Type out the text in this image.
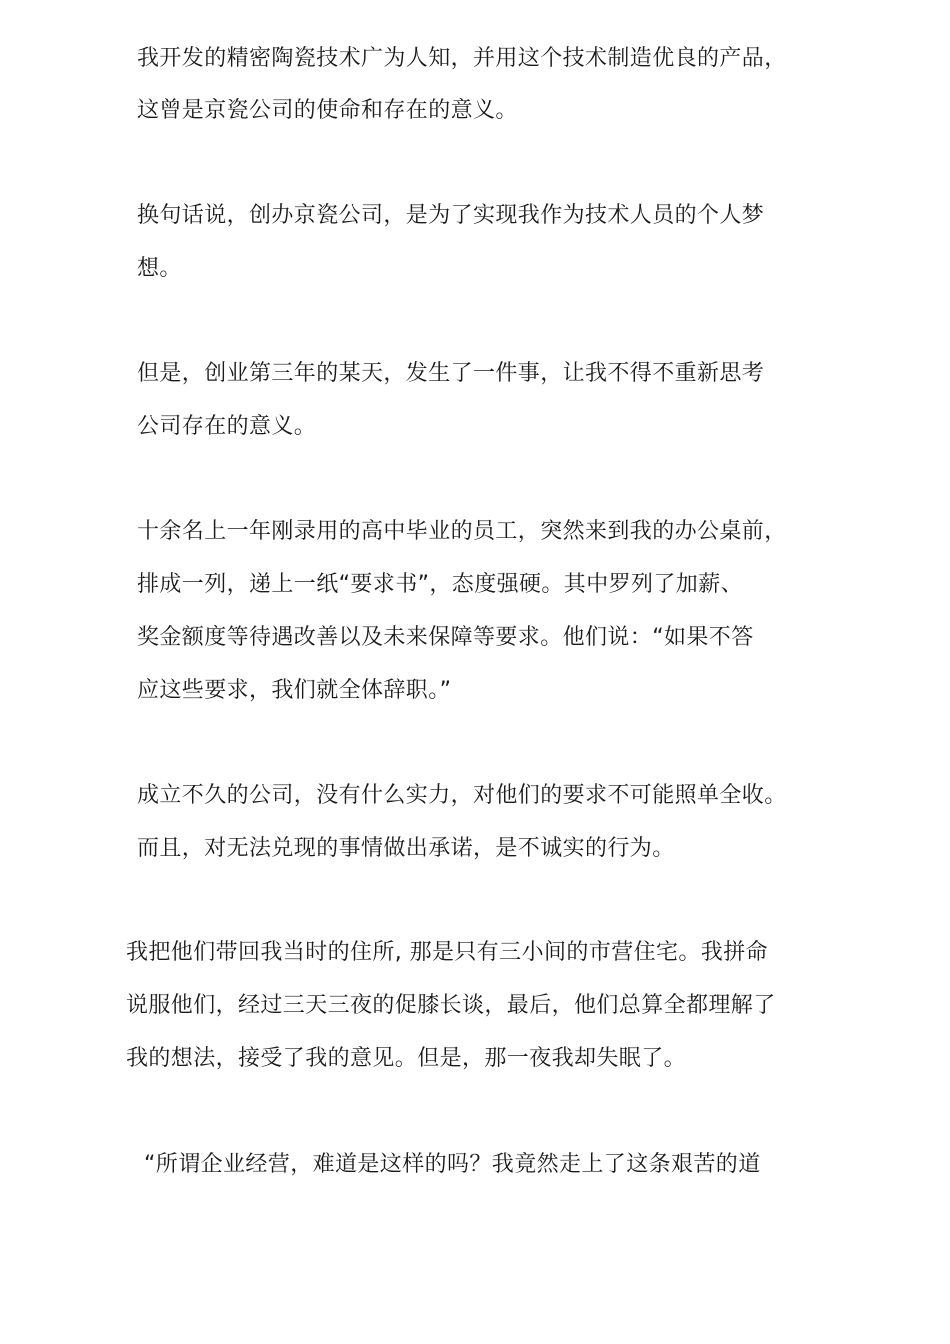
我开发的精密陶瓷技术广为人知，并用这个技术制造优良的产品，
这曾是京瓷公司的使命和存在的意义。
换句话说，创办京瓷公司，是为了实现我作为技术人员的个人梦
想。
但是，创业第三年的某天，发生了一件事，让我不得不重新思考
公司存在的意义。
十余名上一年刚录用的高中毕业的员工，突然来到我的办公桌前，
排成一列，递上一纸“要求书”，态度强硬。其中罗列了加薪、
奖金额度等待遇改善以及未来保障等要求。他们说：“如果不答
应这些要求，我们就全体辞职。”
成立不久的公司，没有什么实力，对他们的要求不可能照单全收。
而且，对无法兑现的事情做出承诺，是不诚实的行为。
我把他们带回我当时的住所, 那是只有三小间的市营住宅。我拼命
说服他们，经过三天三夜的促膝长谈，最后，他们总算全都理解了
我的想法，接受了我的意见。但是，那一夜我却失眠了。
“所谓企业经营，难道是这样的吗？我竟然走上了这条艰苦的道
